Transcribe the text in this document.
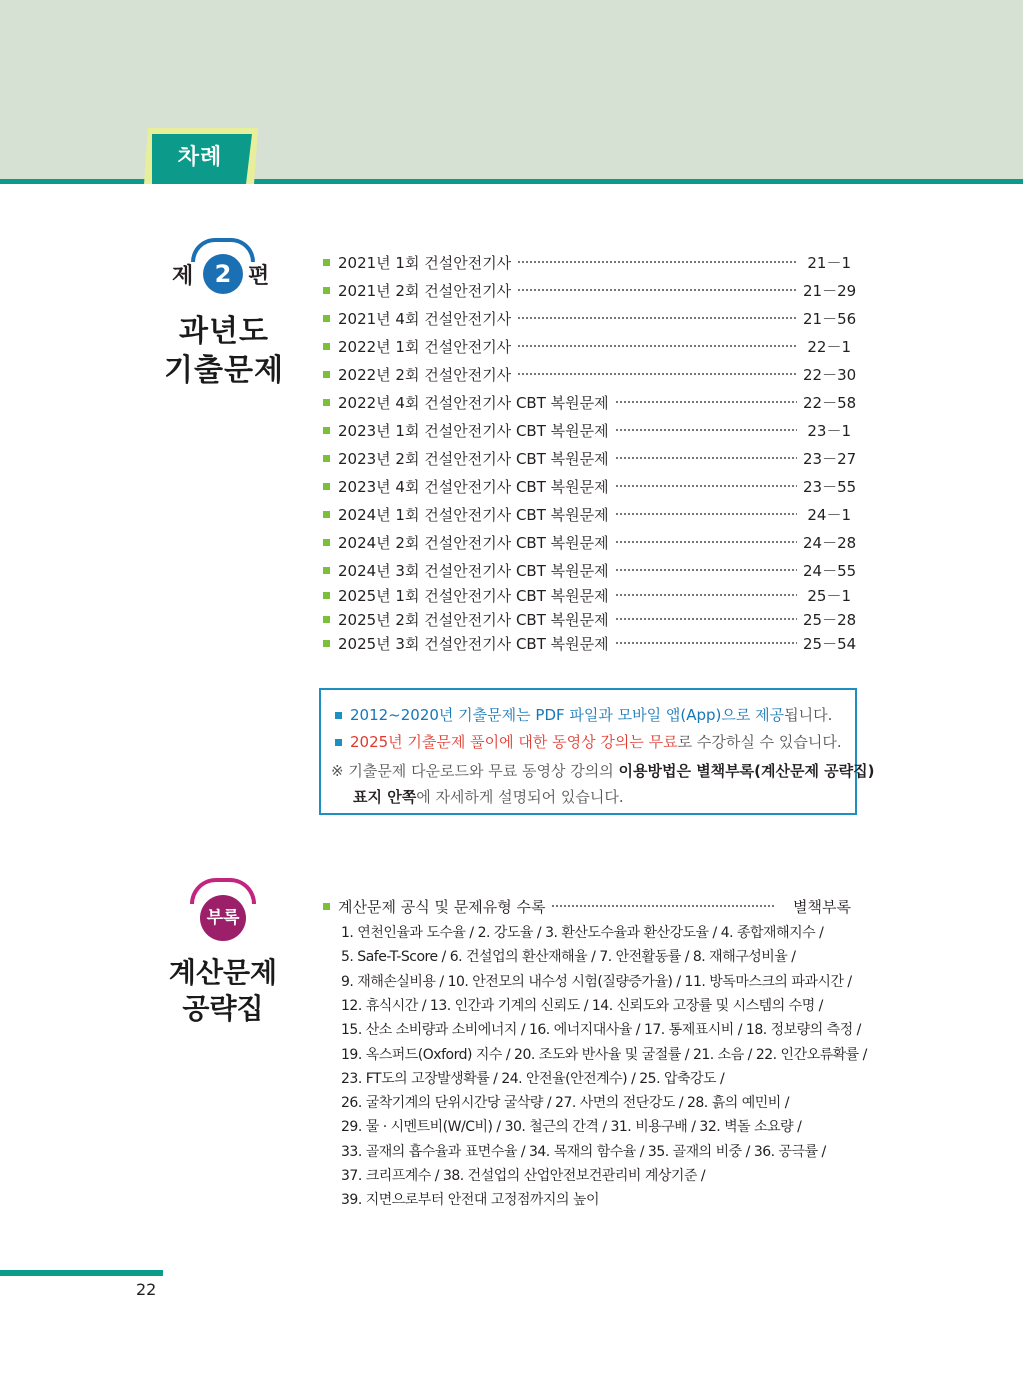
차례
제 2 편
과년도
기출문제
2021년 1회 건설안전기사	21－1
2021년 2회 건설안전기사	21－29
2021년 4회 건설안전기사	21－56
2022년 1회 건설안전기사	22－1
2022년 2회 건설안전기사	22－30
2022년 4회 건설안전기사 CBT 복원문제	22－58
2023년 1회 건설안전기사 CBT 복원문제	23－1
2023년 2회 건설안전기사 CBT 복원문제	23－27
2023년 4회 건설안전기사 CBT 복원문제	23－55
2024년 1회 건설안전기사 CBT 복원문제	24－1
2024년 2회 건설안전기사 CBT 복원문제	24－28
2024년 3회 건설안전기사 CBT 복원문제	24－55
2025년 1회 건설안전기사 CBT 복원문제	25－1
2025년 2회 건설안전기사 CBT 복원문제	25－28
2025년 3회 건설안전기사 CBT 복원문제	25－54
2012~2020년 기출문제는 PDF 파일과 모바일 앱(App)으로 제공됩니다.
2025년 기출문제 풀이에 대한 동영상 강의는 무료로 수강하실 수 있습니다.
※ 기출문제 다운로드와 무료 동영상 강의의 이용방법은 별책부록(계산문제 공략집)
표지 안쪽에 자세하게 설명되어 있습니다.
부록
계산문제
공략집
계산문제 공식 및 문제유형 수록	별책부록
1. 연천인율과 도수율 / 2. 강도율 / 3. 환산도수율과 환산강도율 / 4. 종합재해지수 /
5. Safe-T-Score / 6. 건설업의 환산재해율 / 7. 안전활동률 / 8. 재해구성비율 /
9. 재해손실비용 / 10. 안전모의 내수성 시험(질량증가율) / 11. 방독마스크의 파과시간 /
12. 휴식시간 / 13. 인간과 기계의 신뢰도 / 14. 신뢰도와 고장률 및 시스템의 수명 /
15. 산소 소비량과 소비에너지 / 16. 에너지대사율 / 17. 통제표시비 / 18. 정보량의 측정 /
19. 옥스퍼드(Oxford) 지수 / 20. 조도와 반사율 및 굴절률 / 21. 소음 / 22. 인간오류확률 /
23. FT도의 고장발생확률 / 24. 안전율(안전계수) / 25. 압축강도 /
26. 굴착기계의 단위시간당 굴삭량 / 27. 사면의 전단강도 / 28. 흙의 예민비 /
29. 물 · 시멘트비(W/C비) / 30. 철근의 간격 / 31. 비용구배 / 32. 벽돌 소요량 /
33. 골재의 흡수율과 표면수율 / 34. 목재의 함수율 / 35. 골재의 비중 / 36. 공극률 /
37. 크리프계수 / 38. 건설업의 산업안전보건관리비 계상기준 /
39. 지면으로부터 안전대 고정점까지의 높이
22
